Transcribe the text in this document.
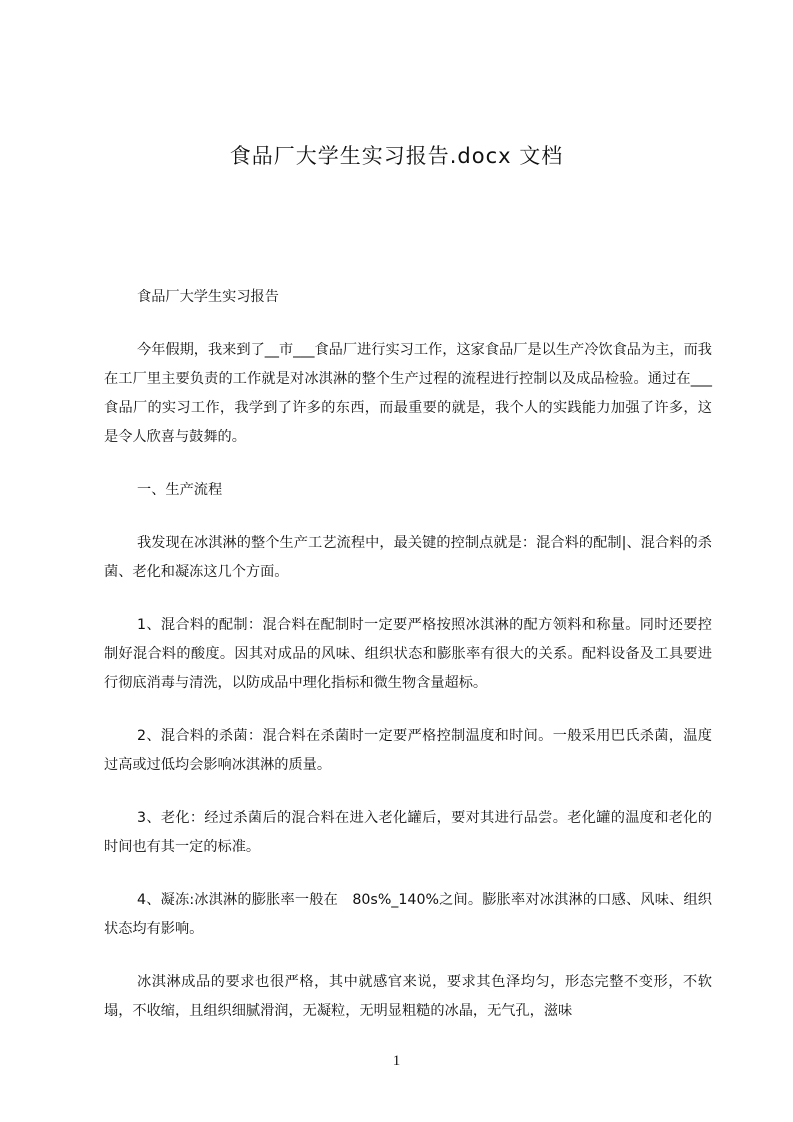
食品厂大学生实习报告.docx 文档
食品厂大学生实习报告
今年假期，我来到了__市___食品厂进行实习工作，这家食品厂是以生产冷饮食品为主，而我在工厂里主要负责的工作就是对冰淇淋的整个生产过程的流程进行控制以及成品检验。通过在___食品厂的实习工作，我学到了许多的东西，而最重要的就是，我个人的实践能力加强了许多，这是令人欣喜与鼓舞的。
一、生产流程
我发现在冰淇淋的整个生产工艺流程中，最关键的控制点就是：混合料的配制|、混合料的杀菌、老化和凝冻这几个方面。
1、混合料的配制：混合料在配制时一定要严格按照冰淇淋的配方领料和称量。同时还要控制好混合料的酸度。因其对成品的风味、组织状态和膨胀率有很大的关系。配料设备及工具要进行彻底消毒与清洗，以防成品中理化指标和微生物含量超标。
2、混合料的杀菌：混合料在杀菌时一定要严格控制温度和时间。一般采用巴氏杀菌，温度过高或过低均会影响冰淇淋的质量。
3、老化：经过杀菌后的混合料在进入老化罐后，要对其进行品尝。老化罐的温度和老化的时间也有其一定的标准。
4、凝冻:冰淇淋的膨胀率一般在　80s%_140%之间。膨胀率对冰淇淋的口感、风味、组织状态均有影响。
冰淇淋成品的要求也很严格，其中就感官来说，要求其色泽均匀，形态完整不变形，不软塌，不收缩，且组织细腻滑润，无凝粒，无明显粗糙的冰晶，无气孔，滋味
1
